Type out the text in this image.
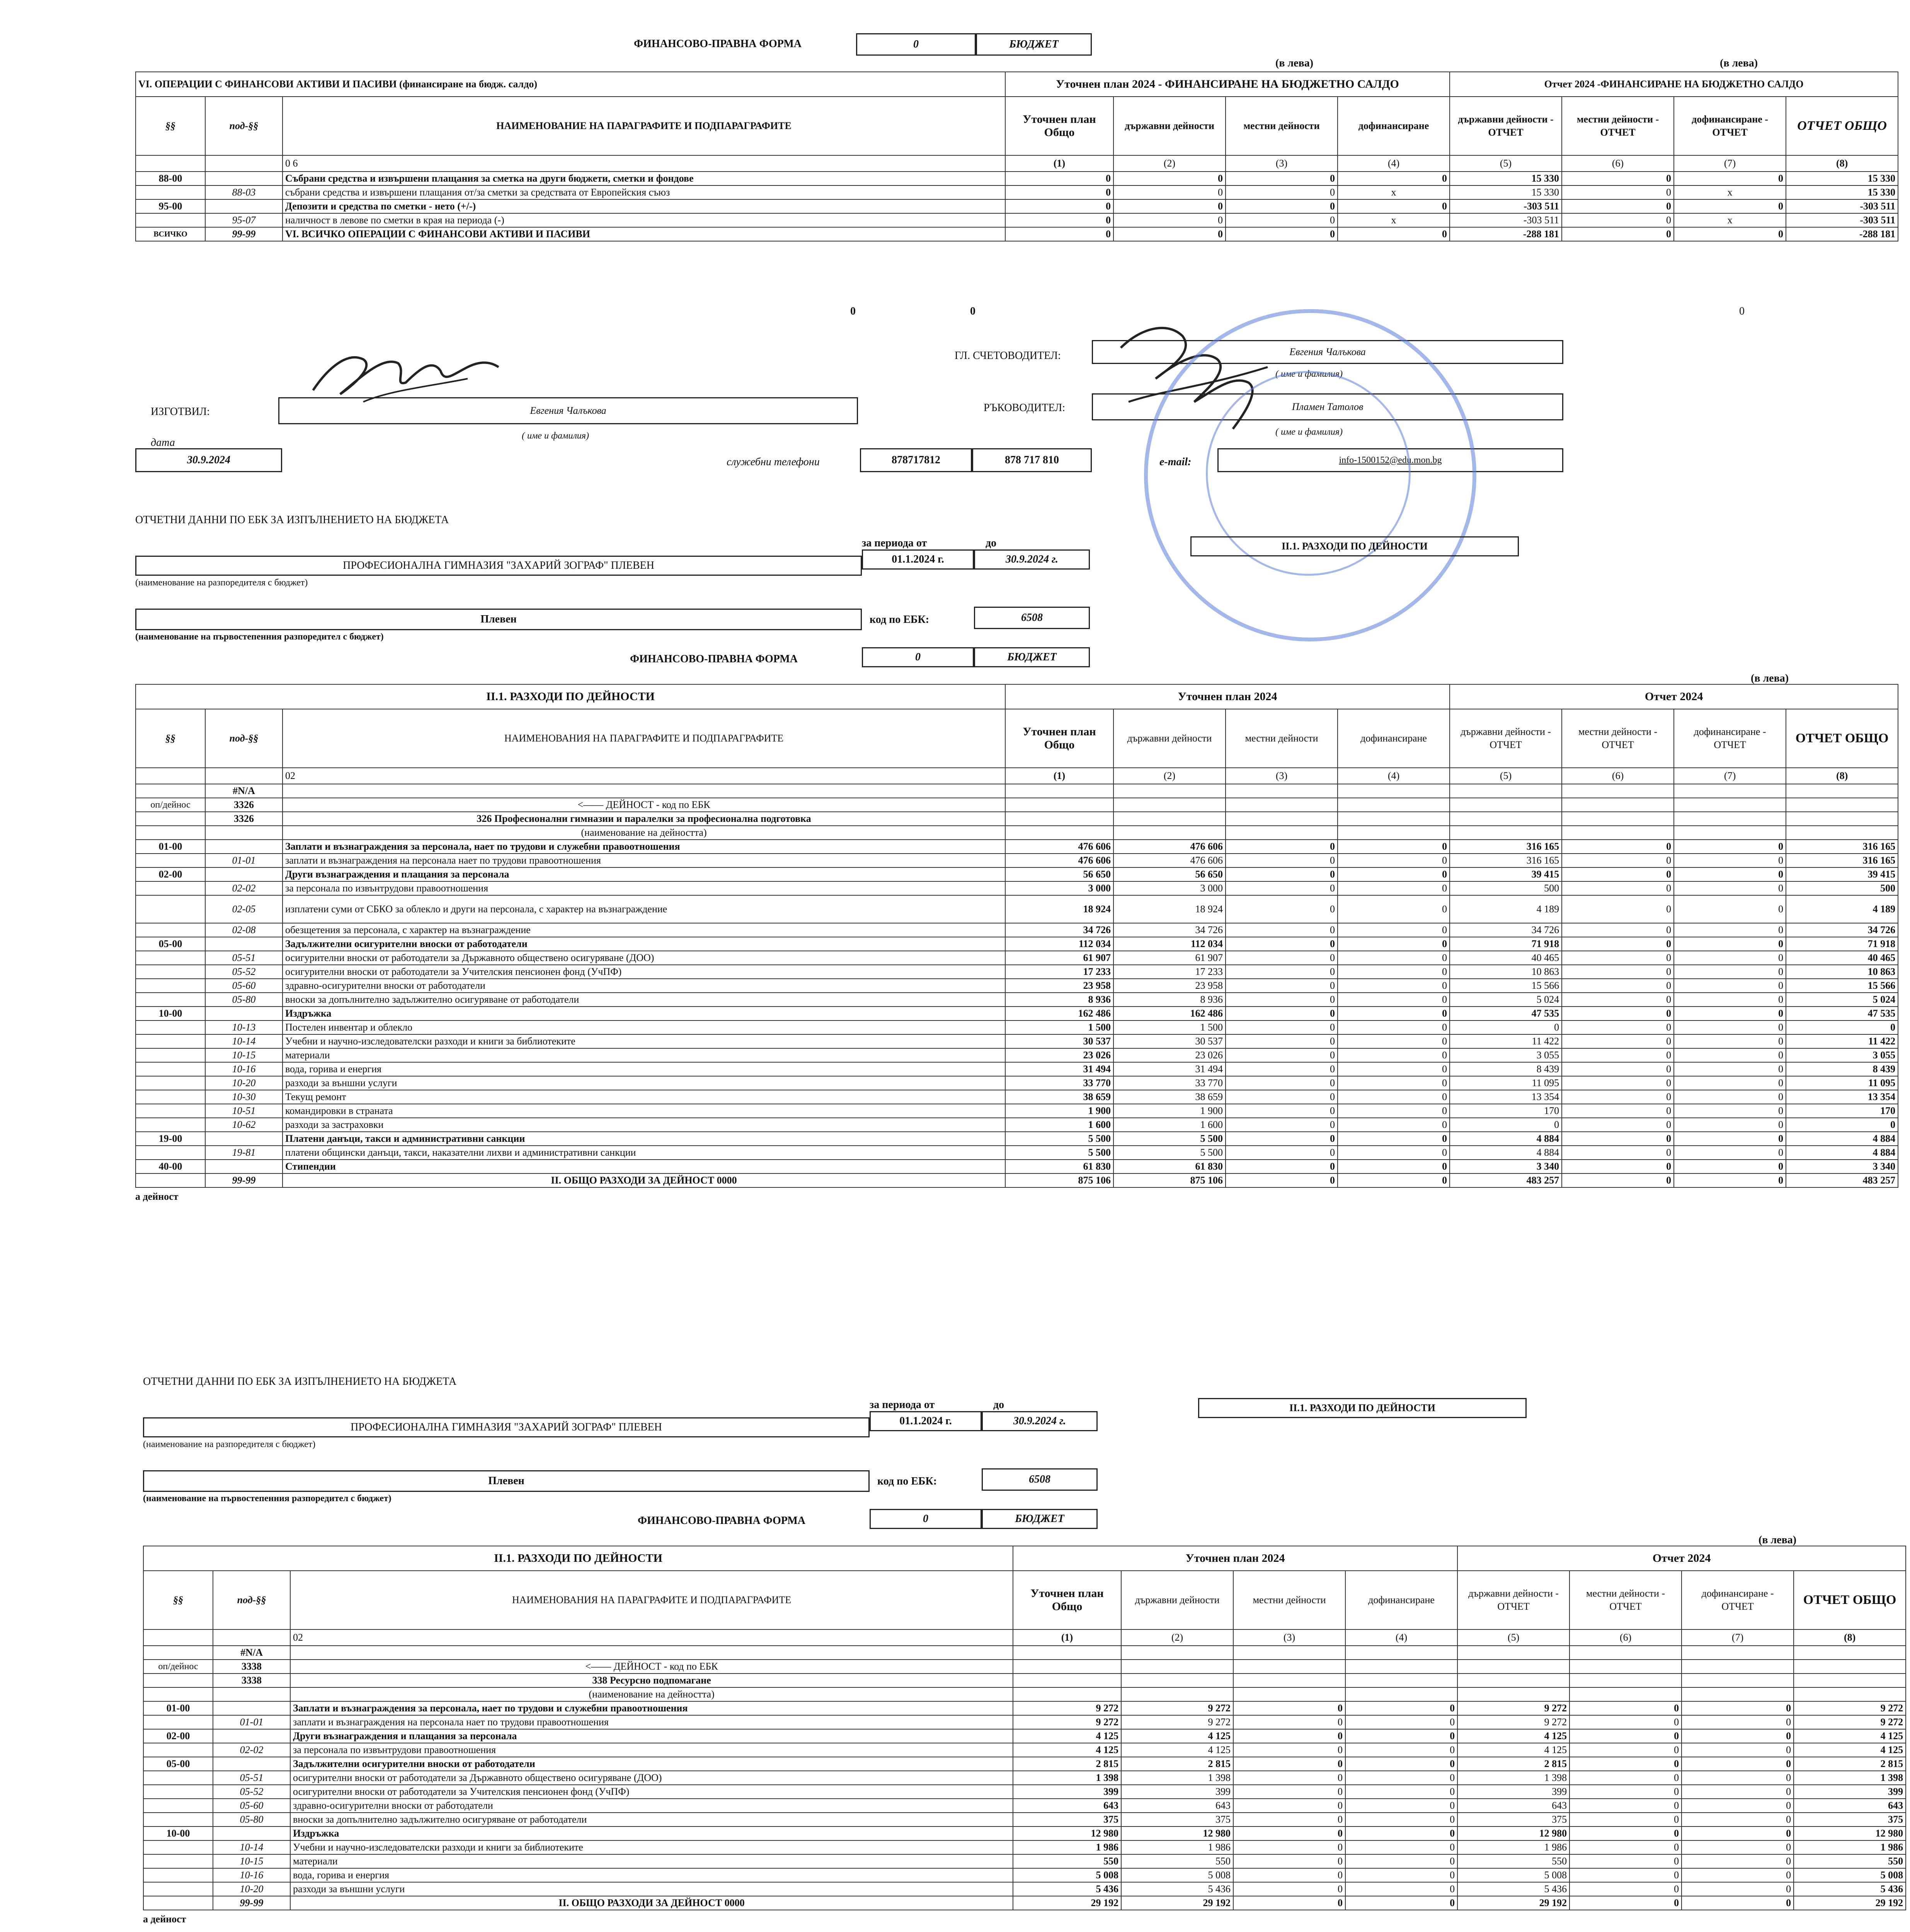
ФИНАНСОВО-ПРАВНА ФОРМА	0	БЮДЖЕТ
(в лева)	(в лева)
VI. ОПЕРАЦИИ С ФИНАНСОВИ АКТИВИ И ПАСИВИ (финансиране на бюдж. салдо)			Уточнен план 2024 - ФИНАНСИРАНЕ НА БЮДЖЕТНО САЛДО				Отчет 2024 -ФИНАНСИРАНЕ НА БЮДЖЕТНО САЛДО			
§§	под-§§	НАИМЕНОВАНИЕ НА ПАРАГРАФИТЕ И ПОДПАРАГРАФИТЕ	Уточнен план Общо	държавни дейности	местни дейности	дофинансиране	държавни дейности - ОТЧЕТ	местни дейности - ОТЧЕТ	дофинансиране - ОТЧЕТ	ОТЧЕТ ОБЩО
		0 6	(1)	(2)	(3)	(4)	(5)	(6)	(7)	(8)
88-00		Събрани средства и извършени плащания за сметка на други бюджети, сметки и фондове	0	0	0	0	15 330	0	0	15 330
	88-03	събрани средства и извършени плащания от/за сметки за средствата от Европейския съюз	0	0	0	x	15 330	0	x	15 330
95-00		Депозити и средства по сметки - нето (+/-)	0	0	0	0	-303 511	0	0	-303 511
	95-07	наличност в левове по сметки в края на периода (-)	0	0	0	x	-303 511	0	x	-303 511
ВСИЧКО	99-99	VI. ВСИЧКО ОПЕРАЦИИ С ФИНАНСОВИ АКТИВИ И ПАСИВИ	0	0	0	0	-288 181	0	0	-288 181
0	0	0
ГЛ. СЧЕТОВОДИТЕЛ:	Евгения Чалъкова
( име и фамилия)
ИЗГОТВИЛ:	Евгения Чалъкова
( име и фамилия)
РЪКОВОДИТЕЛ:	Пламен Татолов
( име и фамилия)
дата
30.9.2024	служебни телефони	878717812	878 717 810	e-mail:	info-1500152@edu.mon.bg
ОТЧЕТНИ ДАННИ ПО ЕБК ЗА ИЗПЪЛНЕНИЕТО НА БЮДЖЕТА
за периода от	до
01.1.2024 г.	30.9.2024 г.
II.1. РАЗХОДИ ПО ДЕЙНОСТИ
ПРОФЕСИОНАЛНА ГИМНАЗИЯ "ЗАХАРИЙ ЗОГРАФ" ПЛЕВЕН
(наименование на разпоредителя с бюджет)
Плевен
(наименование на първостепенния разпоредител с бюджет)
код по ЕБК:	6508
ФИНАНСОВО-ПРАВНА ФОРМА	0	БЮДЖЕТ
(в лева)
II.1. РАЗХОДИ ПО ДЕЙНОСТИ			Уточнен план 2024				Отчет 2024			
§§	под-§§	НАИМЕНОВАНИЯ НА ПАРАГРАФИТЕ И ПОДПАРАГРАФИТЕ	Уточнен план Общо	държавни дейности	местни дейности	дофинансиране	държавни дейности - ОТЧЕТ	местни дейности - ОТЧЕТ	дофинансиране - ОТЧЕТ	ОТЧЕТ ОБЩО
		02	(1)	(2)	(3)	(4)	(5)	(6)	(7)	(8)
	#N/A									
оп/дейнос	3326	<—— ДЕЙНОСТ - код по ЕБК								
	3326	326 Професионални гимназии и паралелки за професионална подготовка								
		(наименование на дейността)								
01-00		Заплати и възнаграждения за персонала, нает по трудови и служебни правоотношения	476 606	476 606	0	0	316 165	0	0	316 165
	01-01	заплати и възнаграждения на персонала нает по трудови правоотношения	476 606	476 606	0	0	316 165	0	0	316 165
02-00		Други възнаграждения и плащания за персонала	56 650	56 650	0	0	39 415	0	0	39 415
	02-02	за персонала по извънтрудови правоотношения	3 000	3 000	0	0	500	0	0	500
	02-05	изплатени суми от СБКО за облекло и други на персонала, с характер на възнаграждение	18 924	18 924	0	0	4 189	0	0	4 189
	02-08	обезщетения за персонала, с характер на възнаграждение	34 726	34 726	0	0	34 726	0	0	34 726
05-00		Задължителни осигурителни вноски от работодатели	112 034	112 034	0	0	71 918	0	0	71 918
	05-51	осигурителни вноски от работодатели за Държавното обществено осигуряване (ДОО)	61 907	61 907	0	0	40 465	0	0	40 465
	05-52	осигурителни вноски от работодатели за Учителския пенсионен фонд (УчПФ)	17 233	17 233	0	0	10 863	0	0	10 863
	05-60	здравно-осигурителни вноски от работодатели	23 958	23 958	0	0	15 566	0	0	15 566
	05-80	вноски за допълнително задължително осигуряване от работодатели	8 936	8 936	0	0	5 024	0	0	5 024
10-00		Издръжка	162 486	162 486	0	0	47 535	0	0	47 535
	10-13	Постелен инвентар и облекло	1 500	1 500	0	0	0	0	0	0
	10-14	Учебни и научно-изследователски разходи и книги за библиотеките	30 537	30 537	0	0	11 422	0	0	11 422
	10-15	материали	23 026	23 026	0	0	3 055	0	0	3 055
	10-16	вода, горива и енергия	31 494	31 494	0	0	8 439	0	0	8 439
	10-20	разходи за външни услуги	33 770	33 770	0	0	11 095	0	0	11 095
	10-30	Текущ ремонт	38 659	38 659	0	0	13 354	0	0	13 354
	10-51	командировки в страната	1 900	1 900	0	0	170	0	0	170
	10-62	разходи за застраховки	1 600	1 600	0	0	0	0	0	0
19-00		Платени данъци, такси и административни санкции	5 500	5 500	0	0	4 884	0	0	4 884
	19-81	платени общински данъци, такси, наказателни лихви и административни санкции	5 500	5 500	0	0	4 884	0	0	4 884
40-00		Стипендии	61 830	61 830	0	0	3 340	0	0	3 340
	99-99	II. ОБЩО РАЗХОДИ ЗА ДЕЙНОСТ 0000	875 106	875 106	0	0	483 257	0	0	483 257
а дейност
ОТЧЕТНИ ДАННИ ПО ЕБК ЗА ИЗПЪЛНЕНИЕТО НА БЮДЖЕТА
за периода от	до
01.1.2024 г.	30.9.2024 г.
II.1. РАЗХОДИ ПО ДЕЙНОСТИ
ПРОФЕСИОНАЛНА ГИМНАЗИЯ "ЗАХАРИЙ ЗОГРАФ" ПЛЕВЕН
(наименование на разпоредителя с бюджет)
Плевен
(наименование на първостепенния разпоредител с бюджет)
код по ЕБК:	6508
ФИНАНСОВО-ПРАВНА ФОРМА	0	БЮДЖЕТ
(в лева)
II.1. РАЗХОДИ ПО ДЕЙНОСТИ			Уточнен план 2024				Отчет 2024			
§§	под-§§	НАИМЕНОВАНИЯ НА ПАРАГРАФИТЕ И ПОДПАРАГРАФИТЕ	Уточнен план Общо	държавни дейности	местни дейности	дофинансиране	държавни дейности - ОТЧЕТ	местни дейности - ОТЧЕТ	дофинансиране - ОТЧЕТ	ОТЧЕТ ОБЩО
		02	(1)	(2)	(3)	(4)	(5)	(6)	(7)	(8)
	#N/A									
оп/дейнос	3338	<—— ДЕЙНОСТ - код по ЕБК								
	3338	338 Ресурсно подпомагане								
		(наименование на дейността)								
01-00		Заплати и възнаграждения за персонала, нает по трудови и служебни правоотношения	9 272	9 272	0	0	9 272	0	0	9 272
	01-01	заплати и възнаграждения на персонала нает по трудови правоотношения	9 272	9 272	0	0	9 272	0	0	9 272
02-00		Други възнаграждения и плащания за персонала	4 125	4 125	0	0	4 125	0	0	4 125
	02-02	за персонала по извънтрудови правоотношения	4 125	4 125	0	0	4 125	0	0	4 125
05-00		Задължителни осигурителни вноски от работодатели	2 815	2 815	0	0	2 815	0	0	2 815
	05-51	осигурителни вноски от работодатели за Държавното обществено осигуряване (ДОО)	1 398	1 398	0	0	1 398	0	0	1 398
	05-52	осигурителни вноски от работодатели за Учителския пенсионен фонд (УчПФ)	399	399	0	0	399	0	0	399
	05-60	здравно-осигурителни вноски от работодатели	643	643	0	0	643	0	0	643
	05-80	вноски за допълнително задължително осигуряване от работодатели	375	375	0	0	375	0	0	375
10-00		Издръжка	12 980	12 980	0	0	12 980	0	0	12 980
	10-14	Учебни и научно-изследователски разходи и книги за библиотеките	1 986	1 986	0	0	1 986	0	0	1 986
	10-15	материали	550	550	0	0	550	0	0	550
	10-16	вода, горива и енергия	5 008	5 008	0	0	5 008	0	0	5 008
	10-20	разходи за външни услуги	5 436	5 436	0	0	5 436	0	0	5 436
	99-99	II. ОБЩО РАЗХОДИ ЗА ДЕЙНОСТ 0000	29 192	29 192	0	0	29 192	0	0	29 192
а дейност
